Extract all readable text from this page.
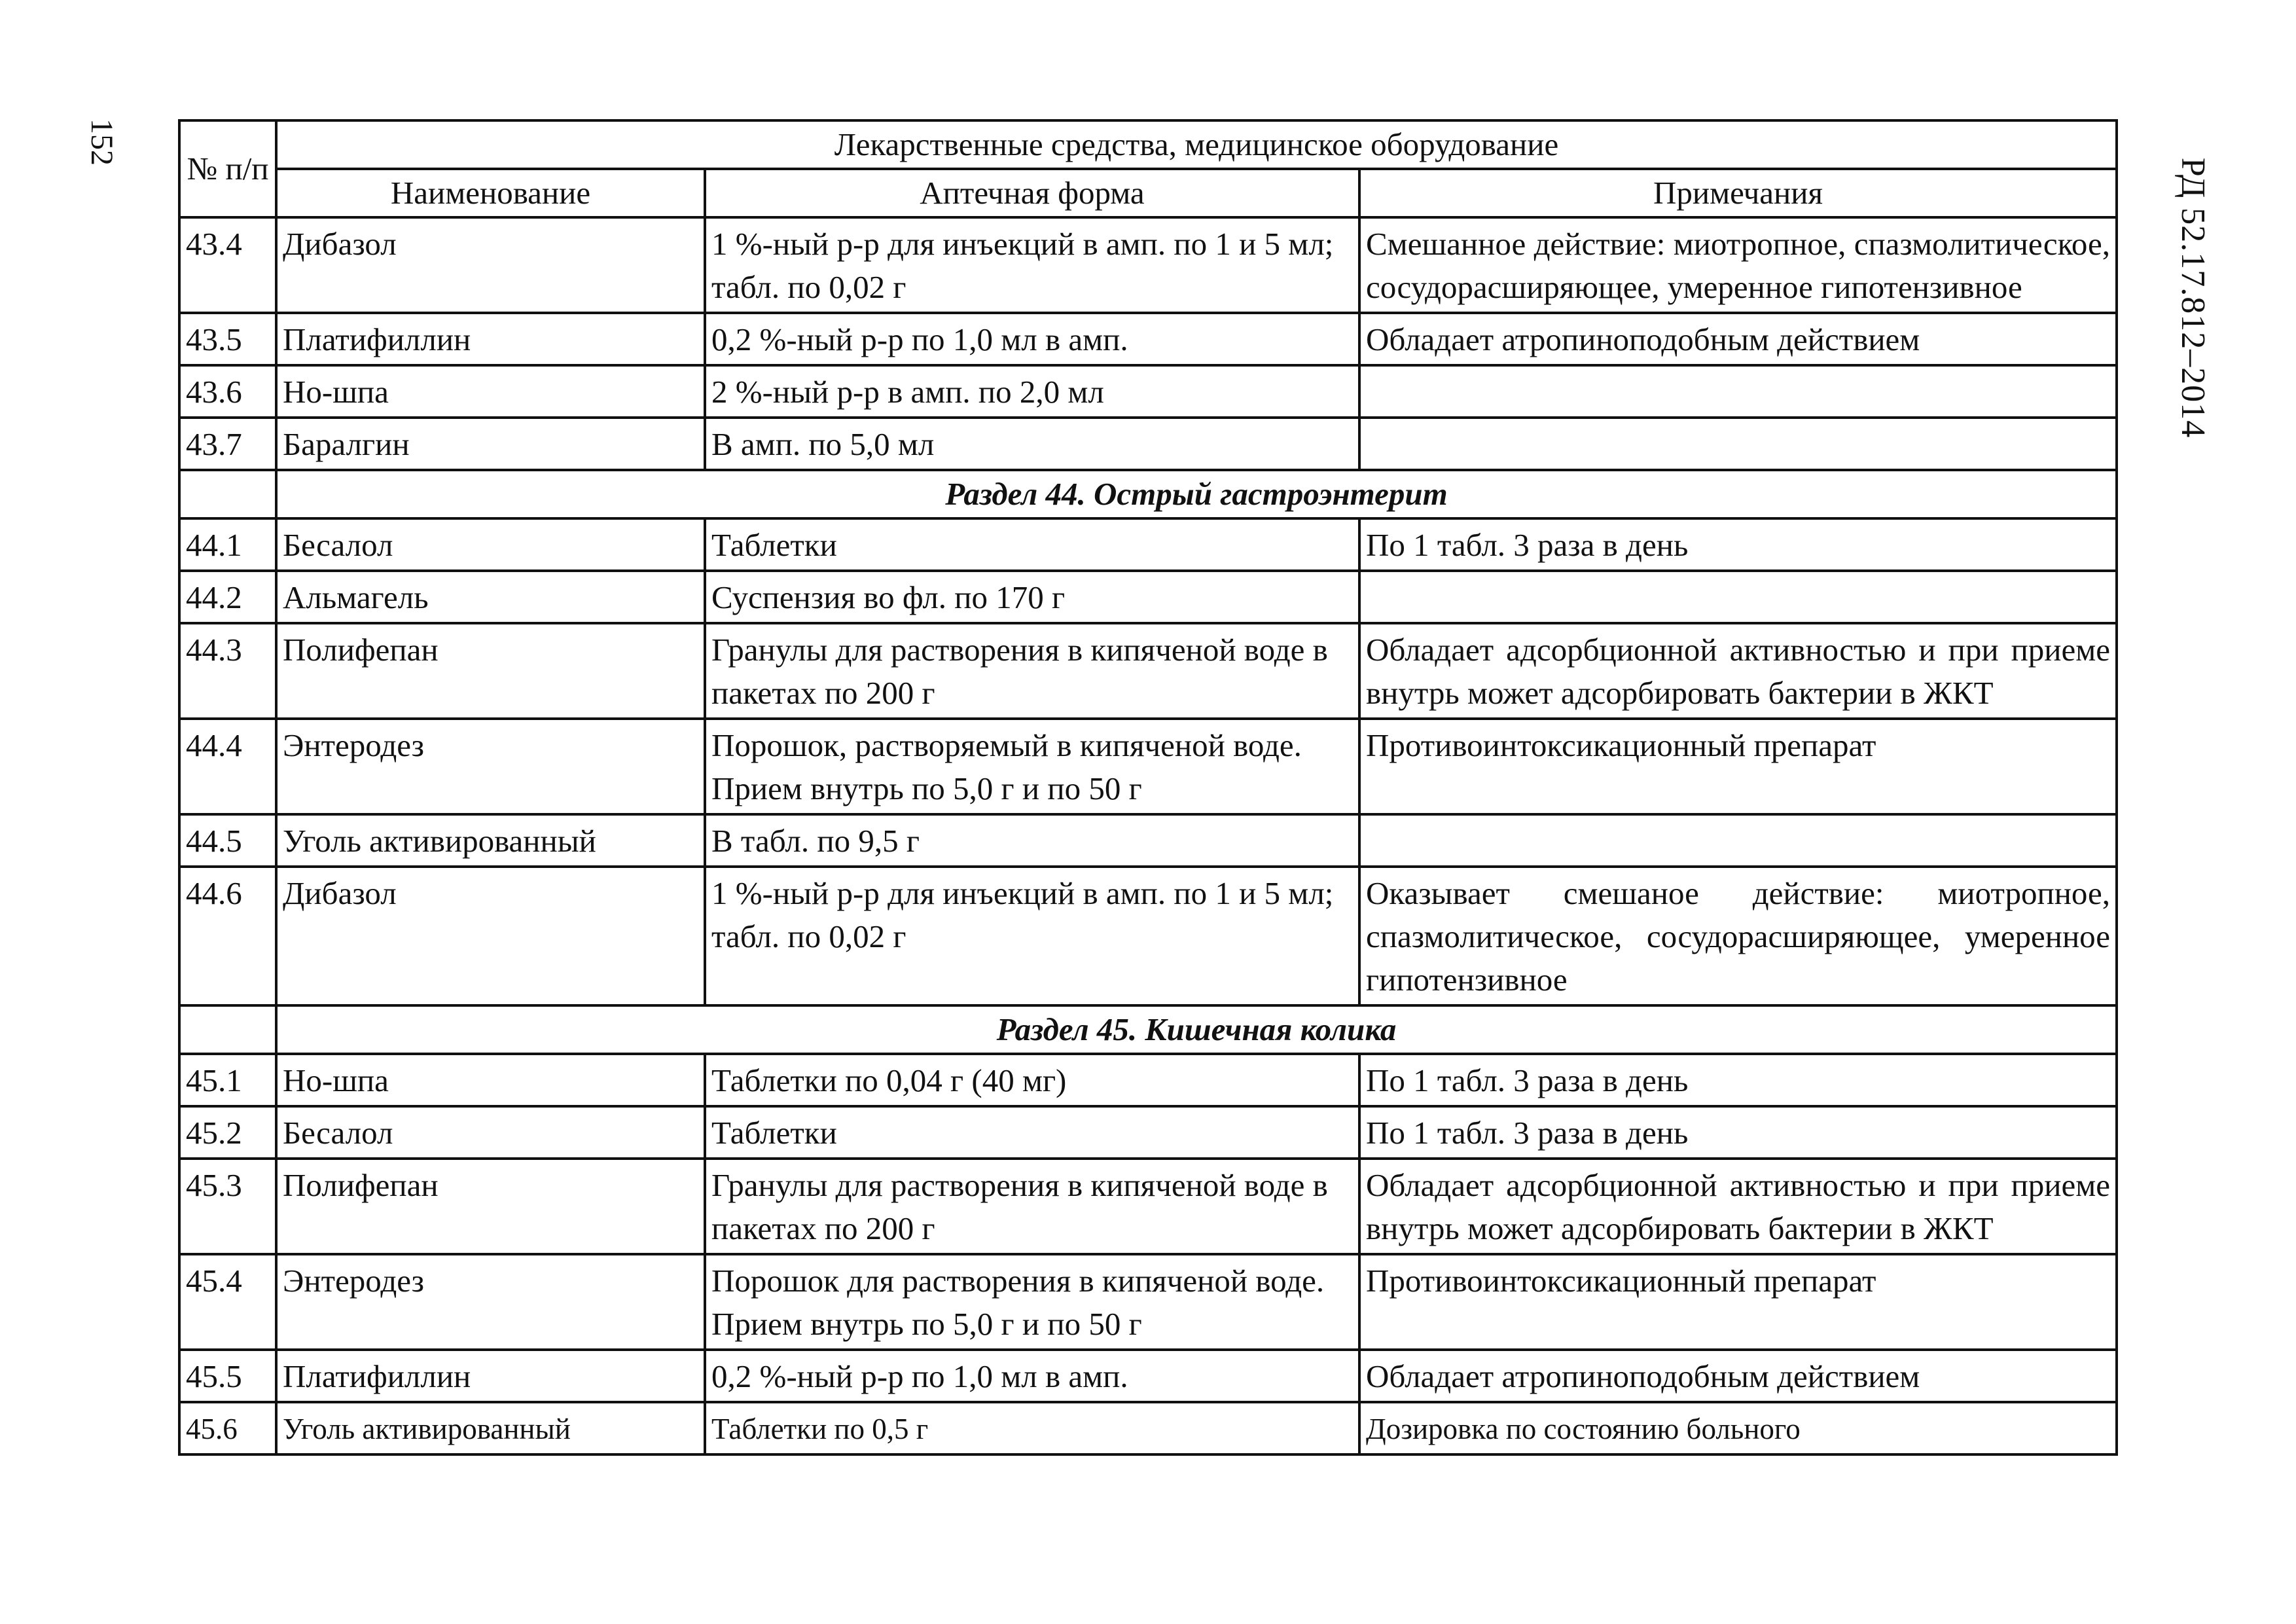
152
РД 52.17.812–2014
№ п/п	Лекарственные средства, медицинское оборудование		
	Наименование	Аптечная форма	Примечания
43.4	Дибазол	1 %-ный р-р для инъекций в амп. по 1 и 5 мл; табл. по 0,02 г	Смешанное действие: миотропное, спазмолитическое, сосудорасширяющее, умеренное гипотензивное
43.5	Платифиллин	0,2 %-ный р-р по 1,0 мл в амп.	Обладает атропиноподобным действием
43.6	Но-шпа	2 %-ный р-р в амп. по 2,0 мл	
43.7	Баралгин	В амп. по 5,0 мл	
	Раздел 44. Острый гастроэнтерит		
44.1	Бесалол	Таблетки	По 1 табл. 3 раза в день
44.2	Альмагель	Суспензия во фл. по 170 г	
44.3	Полифепан	Гранулы для растворения в кипяченой воде в пакетах по 200 г	Обладает адсорбционной активностью и при приеме внутрь может адсорбировать бактерии в ЖКТ
44.4	Энтеродез	Порошок, растворяемый в кипяченой воде. Прием внутрь по 5,0 г и по 50 г	Противоинтоксикационный препарат
44.5	Уголь активированный	В табл. по 9,5 г	
44.6	Дибазол	1 %-ный р-р для инъекций в амп. по 1 и 5 мл; табл. по 0,02 г	Оказывает смешаное действие: миотропное, спазмолитическое, сосудорасширяющее, умеренное гипотензивное
	Раздел 45. Кишечная колика		
45.1	Но-шпа	Таблетки по 0,04 г (40 мг)	По 1 табл. 3 раза в день
45.2	Бесалол	Таблетки	По 1 табл. 3 раза в день
45.3	Полифепан	Гранулы для растворения в кипяченой воде в пакетах по 200 г	Обладает адсорбционной активностью и при приеме внутрь может адсорбировать бактерии в ЖКТ
45.4	Энтеродез	Порошок для растворения в кипяченой воде. Прием внутрь по 5,0 г и по 50 г	Противоинтоксикационный препарат
45.5	Платифиллин	0,2 %-ный р-р по 1,0 мл в амп.	Обладает атропиноподобным действием
45.6	Уголь активированный	Таблетки по 0,5 г	Дозировка по состоянию больного
